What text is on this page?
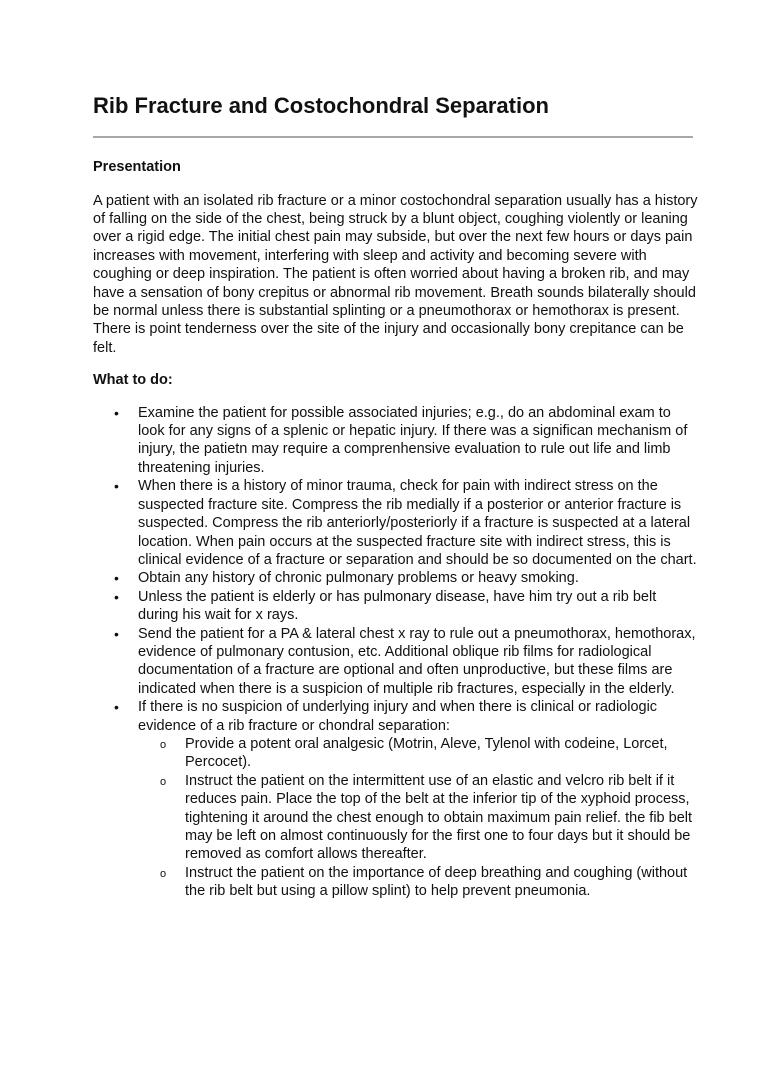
Rib Fracture and Costochondral Separation
Presentation

A patient with an isolated rib fracture or a minor costochondral separation usually has a history of falling on the side of the chest, being struck by a blunt object, coughing violently or leaning over a rigid edge. The initial chest pain may subside, but over the next few hours or days pain increases with movement, interfering with sleep and activity and becoming severe with coughing or deep inspiration. The patient is often worried about having a broken rib, and may have a sensation of bony crepitus or abnormal rib movement. Breath sounds bilaterally should be normal unless there is substantial splinting or a pneumothorax or hemothorax is present. There is point tenderness over the site of the injury and occasionally bony crepitance can be felt.

What to do:
• Examine the patient for possible associated injuries; e.g., do an abdominal exam to look for any signs of a splenic or hepatic injury. If there was a significan mechanism of injury, the patietn may require a comprenhensive evaluation to rule out life and limb threatening injuries.
• When there is a history of minor trauma, check for pain with indirect stress on the suspected fracture site. Compress the rib medially if a posterior or anterior fracture is suspected. Compress the rib anteriorly/posteriorly if a fracture is suspected at a lateral location. When pain occurs at the suspected fracture site with indirect stress, this is clinical evidence of a fracture or separation and should be so documented on the chart.
• Obtain any history of chronic pulmonary problems or heavy smoking.
• Unless the patient is elderly or has pulmonary disease, have him try out a rib belt during his wait for x rays.
• Send the patient for a PA & lateral chest x ray to rule out a pneumothorax, hemothorax, evidence of pulmonary contusion, etc. Additional oblique rib films for radiological documentation of a fracture are optional and often unproductive, but these films are indicated when there is a suspicion of multiple rib fractures, especially in the elderly.
• If there is no suspicion of underlying injury and when there is clinical or radiologic evidence of a rib fracture or chondral separation:
o Provide a potent oral analgesic (Motrin, Aleve, Tylenol with codeine, Lorcet, Percocet).
o Instruct the patient on the intermittent use of an elastic and velcro rib belt if it reduces pain. Place the top of the belt at the inferior tip of the xyphoid process, tightening it around the chest enough to obtain maximum pain relief. the fib belt may be left on almost continuously for the first one to four days but it should be removed as comfort allows thereafter.
o Instruct the patient on the importance of deep breathing and coughing (without the rib belt but using a pillow splint) to help prevent pneumonia.
